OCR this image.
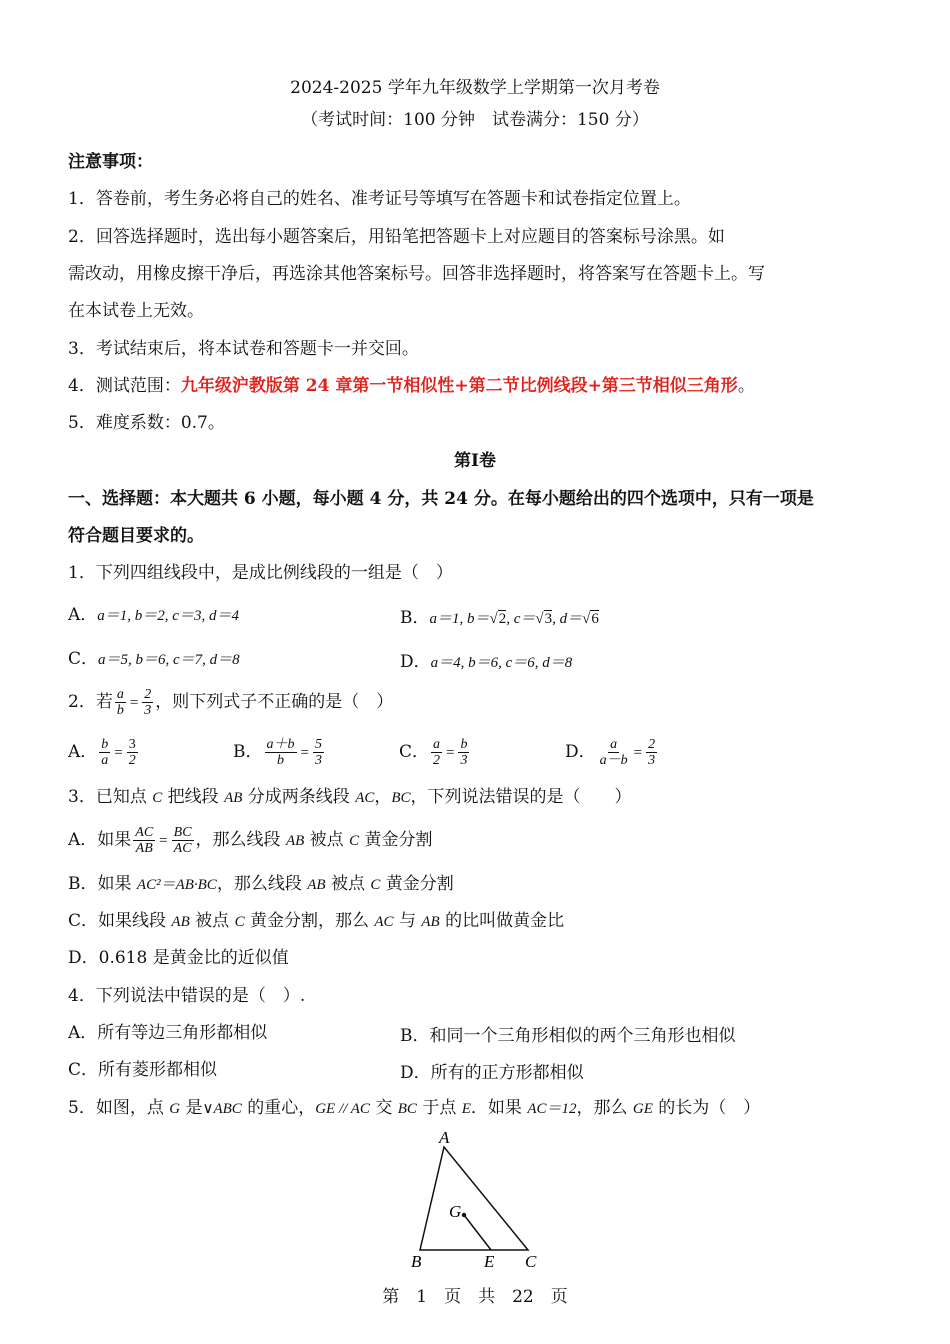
2024-2025 学年九年级数学上学期第一次月考卷
（考试时间：100 分钟　试卷满分：150 分）
注意事项：
1．答卷前，考生务必将自己的姓名、准考证号等填写在答题卡和试卷指定位置上。
2．回答选择题时，选出每小题答案后，用铅笔把答题卡上对应题目的答案标号涂黑。如
需改动，用橡皮擦干净后，再选涂其他答案标号。回答非选择题时，将答案写在答题卡上。写
在本试卷上无效。
3．考试结束后，将本试卷和答题卡一并交回。
4．测试范围：九年级沪教版第 24 章第一节相似性+第二节比例线段+第三节相似三角形。
5．难度系数：0.7。
第Ⅰ卷
一、选择题：本大题共 6 小题，每小题 4 分，共 24 分。在每小题给出的四个选项中，只有一项是
符合题目要求的。
1．下列四组线段中，是成比例线段的一组是（　）
A．a＝1, b＝2, c＝3, d＝4	B．a＝1, b＝√2, c＝√3, d＝√6
C．a＝5, b＝6, c＝7, d＝8	D．a＝4, b＝6, c＝6, d＝8
2．若 $\frac{a}{b} = \frac{2}{3}$ ，则下列式子不正确的是（　）
A． $\frac{b}{a} = \frac{3}{2}$	B． $\frac{a+b}{b} = \frac{5}{3}$	C． $\frac{a}{2} = \frac{b}{3}$	D． $\frac{a}{a-b} = \frac{2}{3}$
3．已知点 C 把线段 AB 分成两条线段 AC，BC，下列说法错误的是（　　）
A．如果 $\frac{AC}{AB} = \frac{BC}{AC}$ ，那么线段 AB 被点 C 黄金分割
B．如果 AC²＝AB·BC，那么线段 AB 被点 C 黄金分割
C．如果线段 AB 被点 C 黄金分割，那么 AC 与 AB 的比叫做黄金比
D．0.618 是黄金比的近似值
4．下列说法中错误的是（　）.
A．所有等边三角形都相似	B．和同一个三角形相似的两个三角形也相似
C．所有菱形都相似	D．所有的正方形都相似
5．如图，点 G 是∨ABC 的重心，GE // AC 交 BC 于点 E．如果 AC＝12，那么 GE 的长为（　）
A
B	C
E
G
第　1　页　共　22　页
